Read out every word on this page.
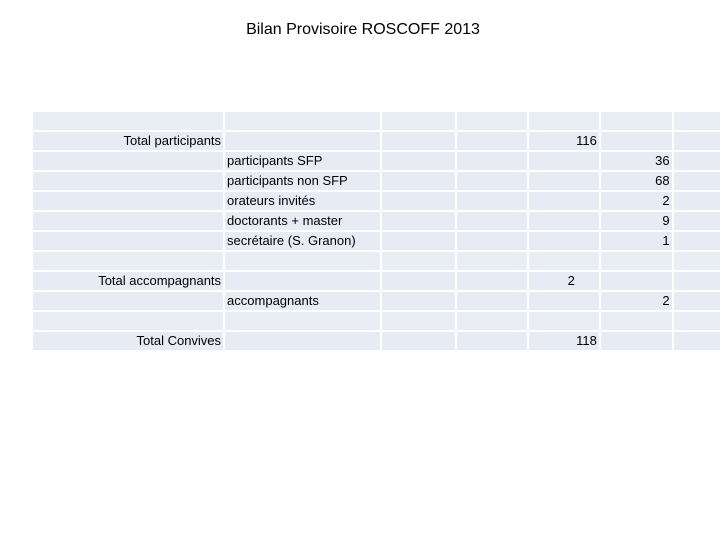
Bilan Provisoire ROSCOFF 2013

Total participants				116		
	participants SFP				36	
	participants non SFP				68	
	orateurs invités				2	
	doctorants + master				9	
	secrétaire (S. Granon)				1	

Total accompagnants				2		
	accompagnants				2	

Total Convives				118		
